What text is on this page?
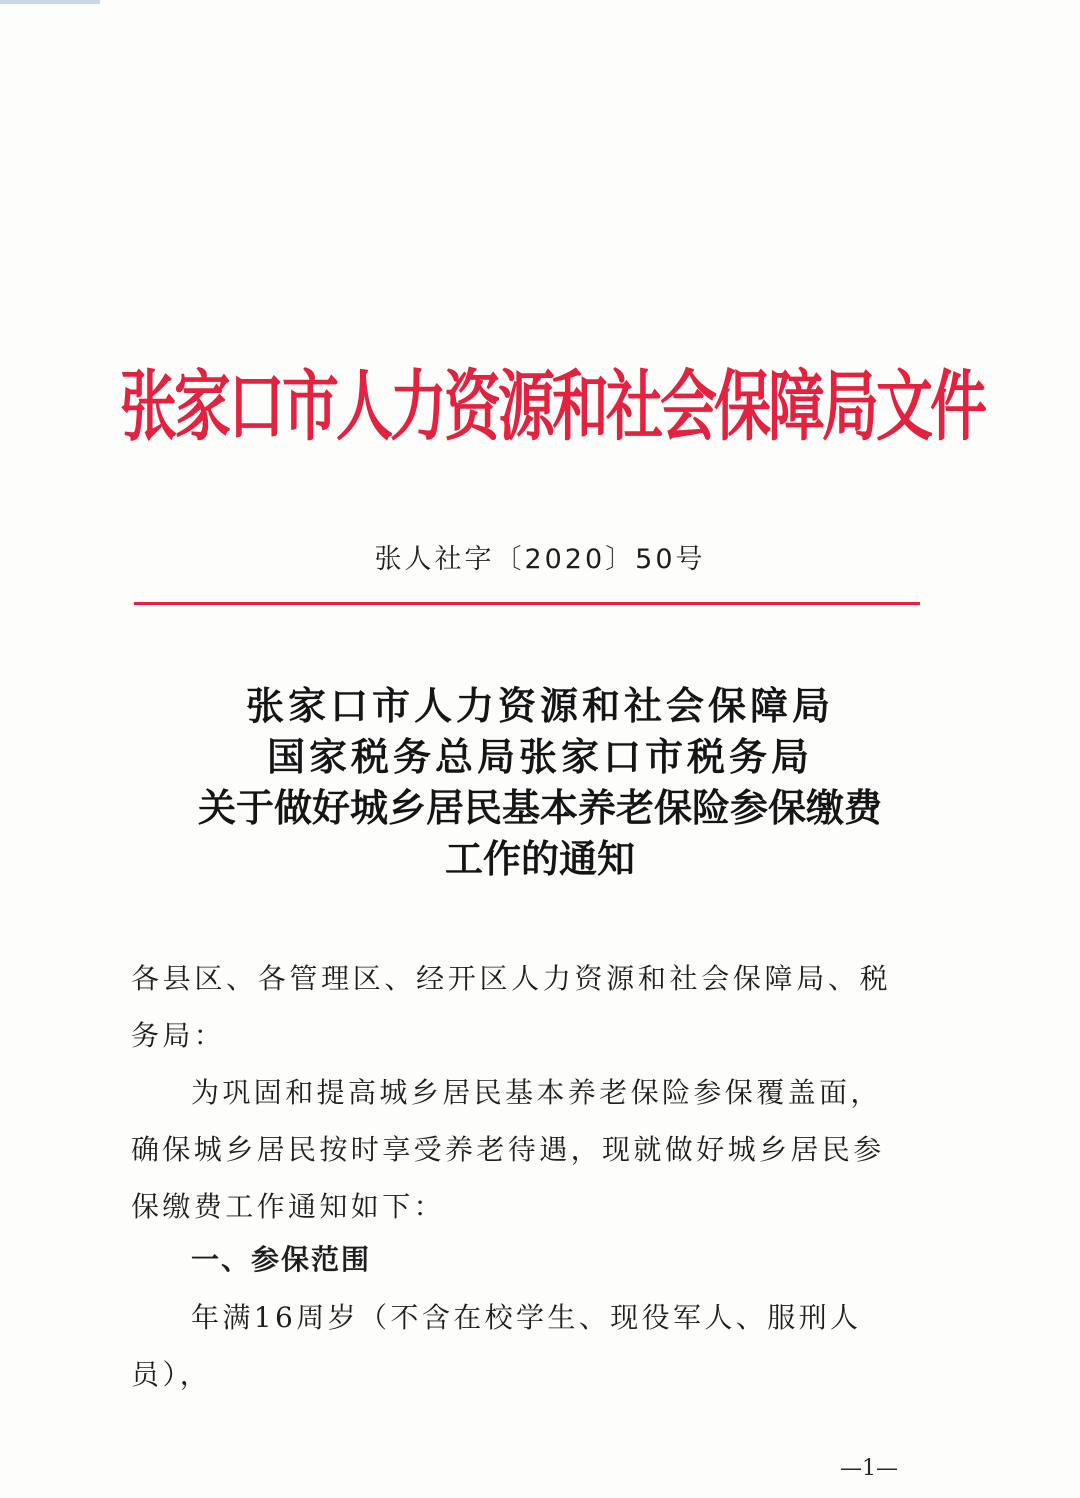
张家口市人力资源和社会保障局文件
张人社字〔2020〕50号
张家口市人力资源和社会保障局
国家税务总局张家口市税务局
关于做好城乡居民基本养老保险参保缴费
工作的通知

各县区、各管理区、经开区人力资源和社会保障局、税务局：

为巩固和提高城乡居民基本养老保险参保覆盖面，确保城乡居民按时享受养老待遇，现就做好城乡居民参保缴费工作通知如下：

一、参保范围

年满16周岁（不含在校学生、现役军人、服刑人员），

—1—
